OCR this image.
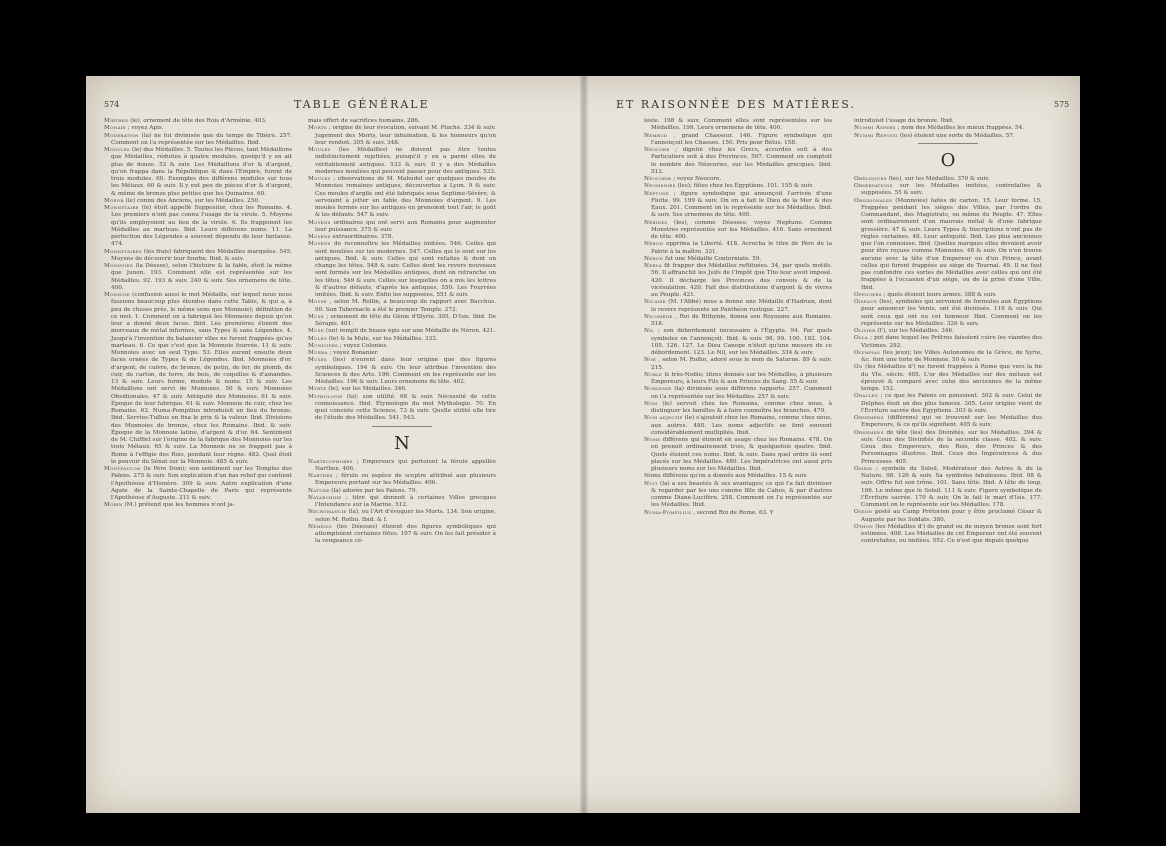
574	TABLE GÉNÉRALE
Mirthes (le), ornement de tête des Rois d'Arménie. 403.
Monaie ; voyez Apis.
Moderation (la) ne fut divinisée que du temps de Tibère. 257. Comment on l'a représentée sur les Médailles. Ibid.
Modules (le) des Médailles. 5. Toutes les Pièces, tant Médaillons que Médailles, réduites à quatre modules, quoiqu'il y en ait plus de douze. 52 & suiv. Les Médaillons d'or & d'argent, qu'on frappa dans la République & dans l'Empire, furent de trois modules. 60. Exemples des différens modules sur tous les Métaux. 60 & suiv. Il y eut peu de pièces d'or & d'argent, & même de bronze plus petites que les Quinaires. 60.
Moeor (le) connu des Anciens, sur les Médailles. 250.
Monnetaire (le) étoit appellé Suppositor, chez les Romains. 4. Les premiers n'ont pas connu l'usage de la virole. 5. Moyens qu'ils employoient au lieu de la virole. 6. Ils frappoient les Médailles au marteau. Ibid. Leurs différens noms. 11. La perfection des Légendes a souvent dépendu de leur fantaisie. 474.
Monnetaires (les frais) fabriquent des Médailles marquées. 545. Moyens de découvrir leur fourbe. Ibid. & suiv.
Monnoies (la Déesse), selon l'histoire & la fable, étoit la même que Junon. 193. Comment elle est représentée sur les Médailles. 92. 193 & suiv. 240 & suiv. Ses ornemens de tête. 400.
Monnoie (confusion aussi le mot Médaille, sur lequel nous nous fussions beaucoup plus étendus dans cette Table, & qui a, à peu de choses près, le même sens que Monnoie); définition de ce mot. 1. Comment on a fabriqué les Monnoies depuis qu'on leur a donné deux faces. Ibid. Les premières étoient des morceaux de métal informes, sans Types & sans Légendes. 4. Jusqu'à l'invention du balancier elles ne furent frappées qu'au marteau. 6. Ce que c'est que la Monnoie fourrée. 11 & suiv. Monnoies avec un seul Type. 53. Elles eurent ensuite deux faces ornées de Types & de Légendes. Ibid. Monnoies d'or, d'argent, de cuivre, de bronze, de potin, de fer, de plomb, de cuir, de carton, de terre, de bois, de coquilles & d'amandes. 13 & suiv. Leurs forme, module & noms. 15 & suiv. Les Médaillons ont servi de Monnoies. 50 & suiv. Monnoies Obsidionales. 47 & suiv. Antiquité des Monnoies. 61 & suiv. Époque de leur fabrique. 61 & suiv. Monnoie de cuir, chez les Romains. 62. Numa-Pompilius introduisit en lieu du bronze. Ibid. Servius-Tullius en fixa le prix & la valeur. Ibid. Divisions des Monnoies de bronze, chez les Romains. Ibid. & suiv. Époque de la Monnoie latine, d'argent & d'or. 64. Sentiment de M. Chifflet sur l'origine de la fabrique des Monnoies sur les trois Métaux. 65 & suiv. La Monnoie ne se frappoit pas à Rome à l'effigie des Rois, pendant leur règne. 482. Quel étoit le pouvoir du Sénat sur la Monnoie. 485 & suiv.
Montfaucon (le Père Dom); son sentiment sur les Temples des Païens. 275 & suiv. Son explication d'un bas relief qui contient l'Apothéose d'Homère. 309 & suiv. Autre explication d'une Agate de la Sainte-Chapelle de Paris qui représente l'Apothéose d'Auguste. 311 & suiv.
Morin (M.) prétend que les hommes n'ont ja-
mais offert de sacrifices humains. 286.
Morts ; origine de leur évocation, suivant M. Pluche. 334 & suiv. Jugement des Morts, leur inhumation, & les honneurs qu'on leur rendoit. 305 & suiv. 348.
Moules (les Médailles) ne doivent pas être toutes indistinctement rejettées, puisqu'il y en a parmi elles de véritablement antiques. 533 & suiv. Il y a des Médailles modernes moulées qui peuvent passer pour des antiques. 533.
Moules ; observations de M. Mahudel sur quelques moules de Monnoies romaines antiques, découvertes à Lyon. 9 & suiv. Ces moules d'argile ont été fabriqués sous Septime-Sévère, & servoient à jetter en fable des Monnoies d'argent. 9. Les moules fermés sur les antiques en prenoient tout l'air, le goût & les défauts. 547 & suiv.
Moyens ordinaires qui ont servi aux Romains pour augmenter leur puissance. 375 & suiv.
Moyens extraordinaires. 378.
Moyens de reconnoître les Médailles imitées. 546. Celles qui sont moulées sur les modernes. 547. Celles qui le sont sur les antiques. Ibid. & suiv. Celles qui sont refaites & dont on change les têtes. 548 & suiv. Celles dont les revers nouveaux sont formés sur les Médailles antiques, dont on retranche un les têtes. 549 & suiv. Celles sur lesquelles on a mis les lettres & d'autres défauts, d'après les antiques. 550. Les Fourrées imitées. Ibid. & suiv. Enfin les supposées. 551 & suiv.
Moyse , selon M. Rollin, a beaucoup de rapport avec Bacchus. 90. Son Tabernacle a été le premier Temple. 272.
Muse ; ornement de tête du Génie d'Illyrie. 395. D'Isis. Ibid. De Sérapis. 401.
Muse (un) rempli de beaux épis sur une Médaille de Néron. 421.
Mules (le) & la Mule, sur les Médailles. 332.
Municipes ; voyez Colonies.
Murra ; voyez Bonanier.
Muses (les) n'eurent dans leur origine que des figures symboliques. 194 & suiv. On leur attribue l'invention des Sciences & des Arts. 196. Comment on les représente sur les Médailles. 196 & suiv. Leurs ornemens de tête. 402.
Myrte (le), sur les Médailles. 346.
Mythologie (la); son utilité. 68 & suiv. Nécessité de cette connoissance. Ibid. Étymologie du mot Mythologie. 70. En quoi consiste cette Science. 73 & suiv. Quelle utilité elle tire de l'étude des Médailles. 541. 543.
N
Nartecophores ; Empereurs qui portoient la férule appellée Narthex. 406.
Narthex ; férule ou espèce de sceptre attribué aux plusieurs Empereurs portant sur les Médailles. 406.
Nature (la) adorée par les Païens. 79.
Navarchide ; titre qui donnoit à certaines Villes grecques l'Intendance sur la Marine. 512.
Necromancie (la), ou l'Art d'évoquer les Morts. 134. Son origine, selon M. Rollin. Ibid. & f.
Némésis (les Déesses) étoient des figures symboliques qui attemptoient certaines fêtes. 197 & suiv. On les fait présider à la vengeance cé-
ET RAISONNÉE DES MATIÈRES.	575
leste. 198 & suiv. Comment elles sont représentées sur les Médailles. 199. Leurs ornemens de tête. 400.
Nemrod , grand Chasseur. 146. Figure symbolique qui l'annonçoit les Chasses. 150. Pris pour Bélus. 158.
Neocore ; dignité chez les Grecs, accordée soit à des Particuliers soit à des Provinces. 507. Comment on comptoit le nombre des Néocories, sur les Médailles grecques. Ibid. 512.
Néocorie ; voyez Néocore.
Neomenies (les); fêtes chez les Égyptiens. 101. 155 & suiv.
Neptune ; figure symbolique qui annonçoit l'arrivée d'une Flotte. 99. 199 & suiv. On en a fait le Dieu de la Mer & des Eaux. 201. Comment on le représente sur les Médailles. Ibid. & suiv. Ses ornemens de tête. 400.
Nérides (les), comme Déesses; voyez Neptune. Comme Monstres représentés sur les Médailles. 416. Sans ornement de tête. 400.
Néron opprima la Liberté. 418. Acrocha le titre de Père de la Patrie à la maître. 331.
Néron fut une Médaille Contorniate. 59.
Nerva fit frapper des Médailles reftituées. 34, par quels motifs. 56. Il affranchit les Juifs de l'Impôt que Tito leur avoit imposé. 420. Il décharge les Provinces des convois & de la vicésulation. 420. Fait des distributions d'argent & de vivres au Peuple. 421.
Nicaise (M. l'Abbé) nous a donné une Médaille d'Hadrien, dont le revers représente un Panthéon rustique. 227.
Nicomède , Roi de Bithynie, donna son Royaume aux Romains. 518.
Nil ; son débordement nécessaire à l'Égypte. 94. Par quels symboles on l'annonçoit. Ibid. & suiv. 98. 99. 100. 102. 104. 105. 126. 127. Le Dieu Canope n'étoit qu'une mesure de ce débordement. 123. Le Nil, sur les Médailles. 334 & suiv.
Noé , selon M. Rollin, adoré sous le nom de Saturne. 89 & suiv. 215.
Noble & très-Noble; titres donnés sur les Médailles, à plusieurs Empereurs, à leurs Fils & aux Princes du Sang. 55 & suiv.
Noblesse (la) divinisée sous différens rapports. 257. Comment on l'a représentée sur les Médailles. 257 & suiv.
Nom (le) servoit chez les Romains, comme chez nous, à distinguer les familles & à faire connoître les branches. 479.
Nom adjectif (le) s'ajoutoit chez les Romains, comme chez nous, aux autres. 480. Les noms adjectifs se font souvent considérablement multipliés. Ibid.
Noms différens qui étoient en usage chez les Romains. 478. On en prenoit ordinairement trois, & quelquefois quatre. Ibid. Quels étoient ces noms. Ibid. & suiv. Dans quel ordre ils sont placés sur les Médailles. 480. Les Impératrices ont aussi pris plusieurs noms sur les Médailles. Ibid.
Noms différens qu'on a donnés aux Médailles. 15 & suiv.
Nuit (la) a ses beautés & ses avantages; ce qui l'a fait diviniser & regarder par les uns comme fille du Cahos, & par d'autres comme Diane-Lucifère. 258. Comment on l'a représentée sur les Médailles. Ibid.
Numa-Pompilius , second Roi de Rome. 63. Y
introduisit l'usage du bronze. Ibid.
Nummi Aspers ; nom des Médailles les mieux frappées. 54.
Nummi Reposti (les) étoient une sorte de Médailles. 57.
O
Obélisques (les), sur les Médailles. 370 & suiv.
Observations sur les Médailles imitées, contrefaites & supposées. 55 & suiv.
Obsidionales (Monnoies) faites de carton. 15. Leur forme. 15. Frappées pendant les sièges des Villes, par l'ordre du Commandant, des Magistrats, ou même du Peuple. 47. Elles sont ordinairement d'un mauvais métal & d'une fabrique grossière. 47 & suiv. Leurs Types & Inscriptions n'ont pas de règles certaines. 48. Leur antiquité. Ibid. Les plus anciennes que l'on connoisse. Ibid. Quelles marques elles devoient avoir pour être reçues comme Monnoies. 48 & suiv. On n'en trouve aucune avec la tête d'un Empereur ou d'un Prince, avant celles qui furent frappées au siège de Tournai. 49. Il ne faut pas confondre ces sortes de Médailles avec celles qui ont été frappées à l'occasion d'un siège, ou de la prise d'une Ville. Ibid.
Officiers ; quels étoient leurs armes. 388 & suiv.
Oiseaux (les), symboles qui servoient de formules aux Égyptiens pour annoncer les Vents, ont été divinisés. 116 & suiv. Qui sont ceux qui ont eu cet honneur. Ibid. Comment on les représente sur les Médailles. 326 & suiv.
Olivier (l'), sur les Médailles. 346.
Olla ; pot dans lequel les Prêtres faisoient cuire les viandes des Victimes. 292.
Olympias (les jeux); les Villes Autonomes de la Grèce, de Syrie, &c. font une forte de Monnoie. 50 & suiv.
On (les Médailles d') ne furent frappées à Rome que vers la fin du VIe. siècle. 405. L'or des Médailles sur des métaux est éprouvé & comparé avec celui des anciennes de la même temps. 152.
Oracles ; ce que les Païens en pensoient. 302 & suiv. Celui de Delphes étoit un des plus fameux. 305. Leur origine vient de l'Écriture sacrée des Égyptiens. 303 & suiv.
Ornemens (différens) qui se trouvent sur les Médailles des Empereurs, & ce qu'ils signifient. 405 & suiv.
Ornemens de tête (les) des Divinités, sur les Médailles. 394 & suiv. Ceux des Divinités de la seconde classe. 402. & suiv. Ceux des Empereurs, des Rois, des Princes & des Personnages illustres. Ibid. Ceux des Impératrices & des Princesses. 405.
Osiris ; symbole du Soleil, Modérateur des Astres & de la Nature. 98. 126 & suiv. Sa symboles fabuleuses. Ibid. 98 & suiv. Offris fut son trône. 101. Sans tête. Ibid. A tête de loup. 106. Le même que le Soleil. 111 & suiv. Figure symbolique de l'Écriture sacrée. 170 & suiv. On le fait le mari d'Isis. 177. Comment on le représente sur les Médailles. 178.
Osson posté au Camp Prétorien pour y être proclamé César & Auguste par les Soldats. 380.
Othon (les Médailles d') de grand ou de moyen bronze sont fort estimées. 408. Les Médailles de cet Empereur ont été souvent contrefaites, ou imitées. 552. Ce n'est que depuis quelque
